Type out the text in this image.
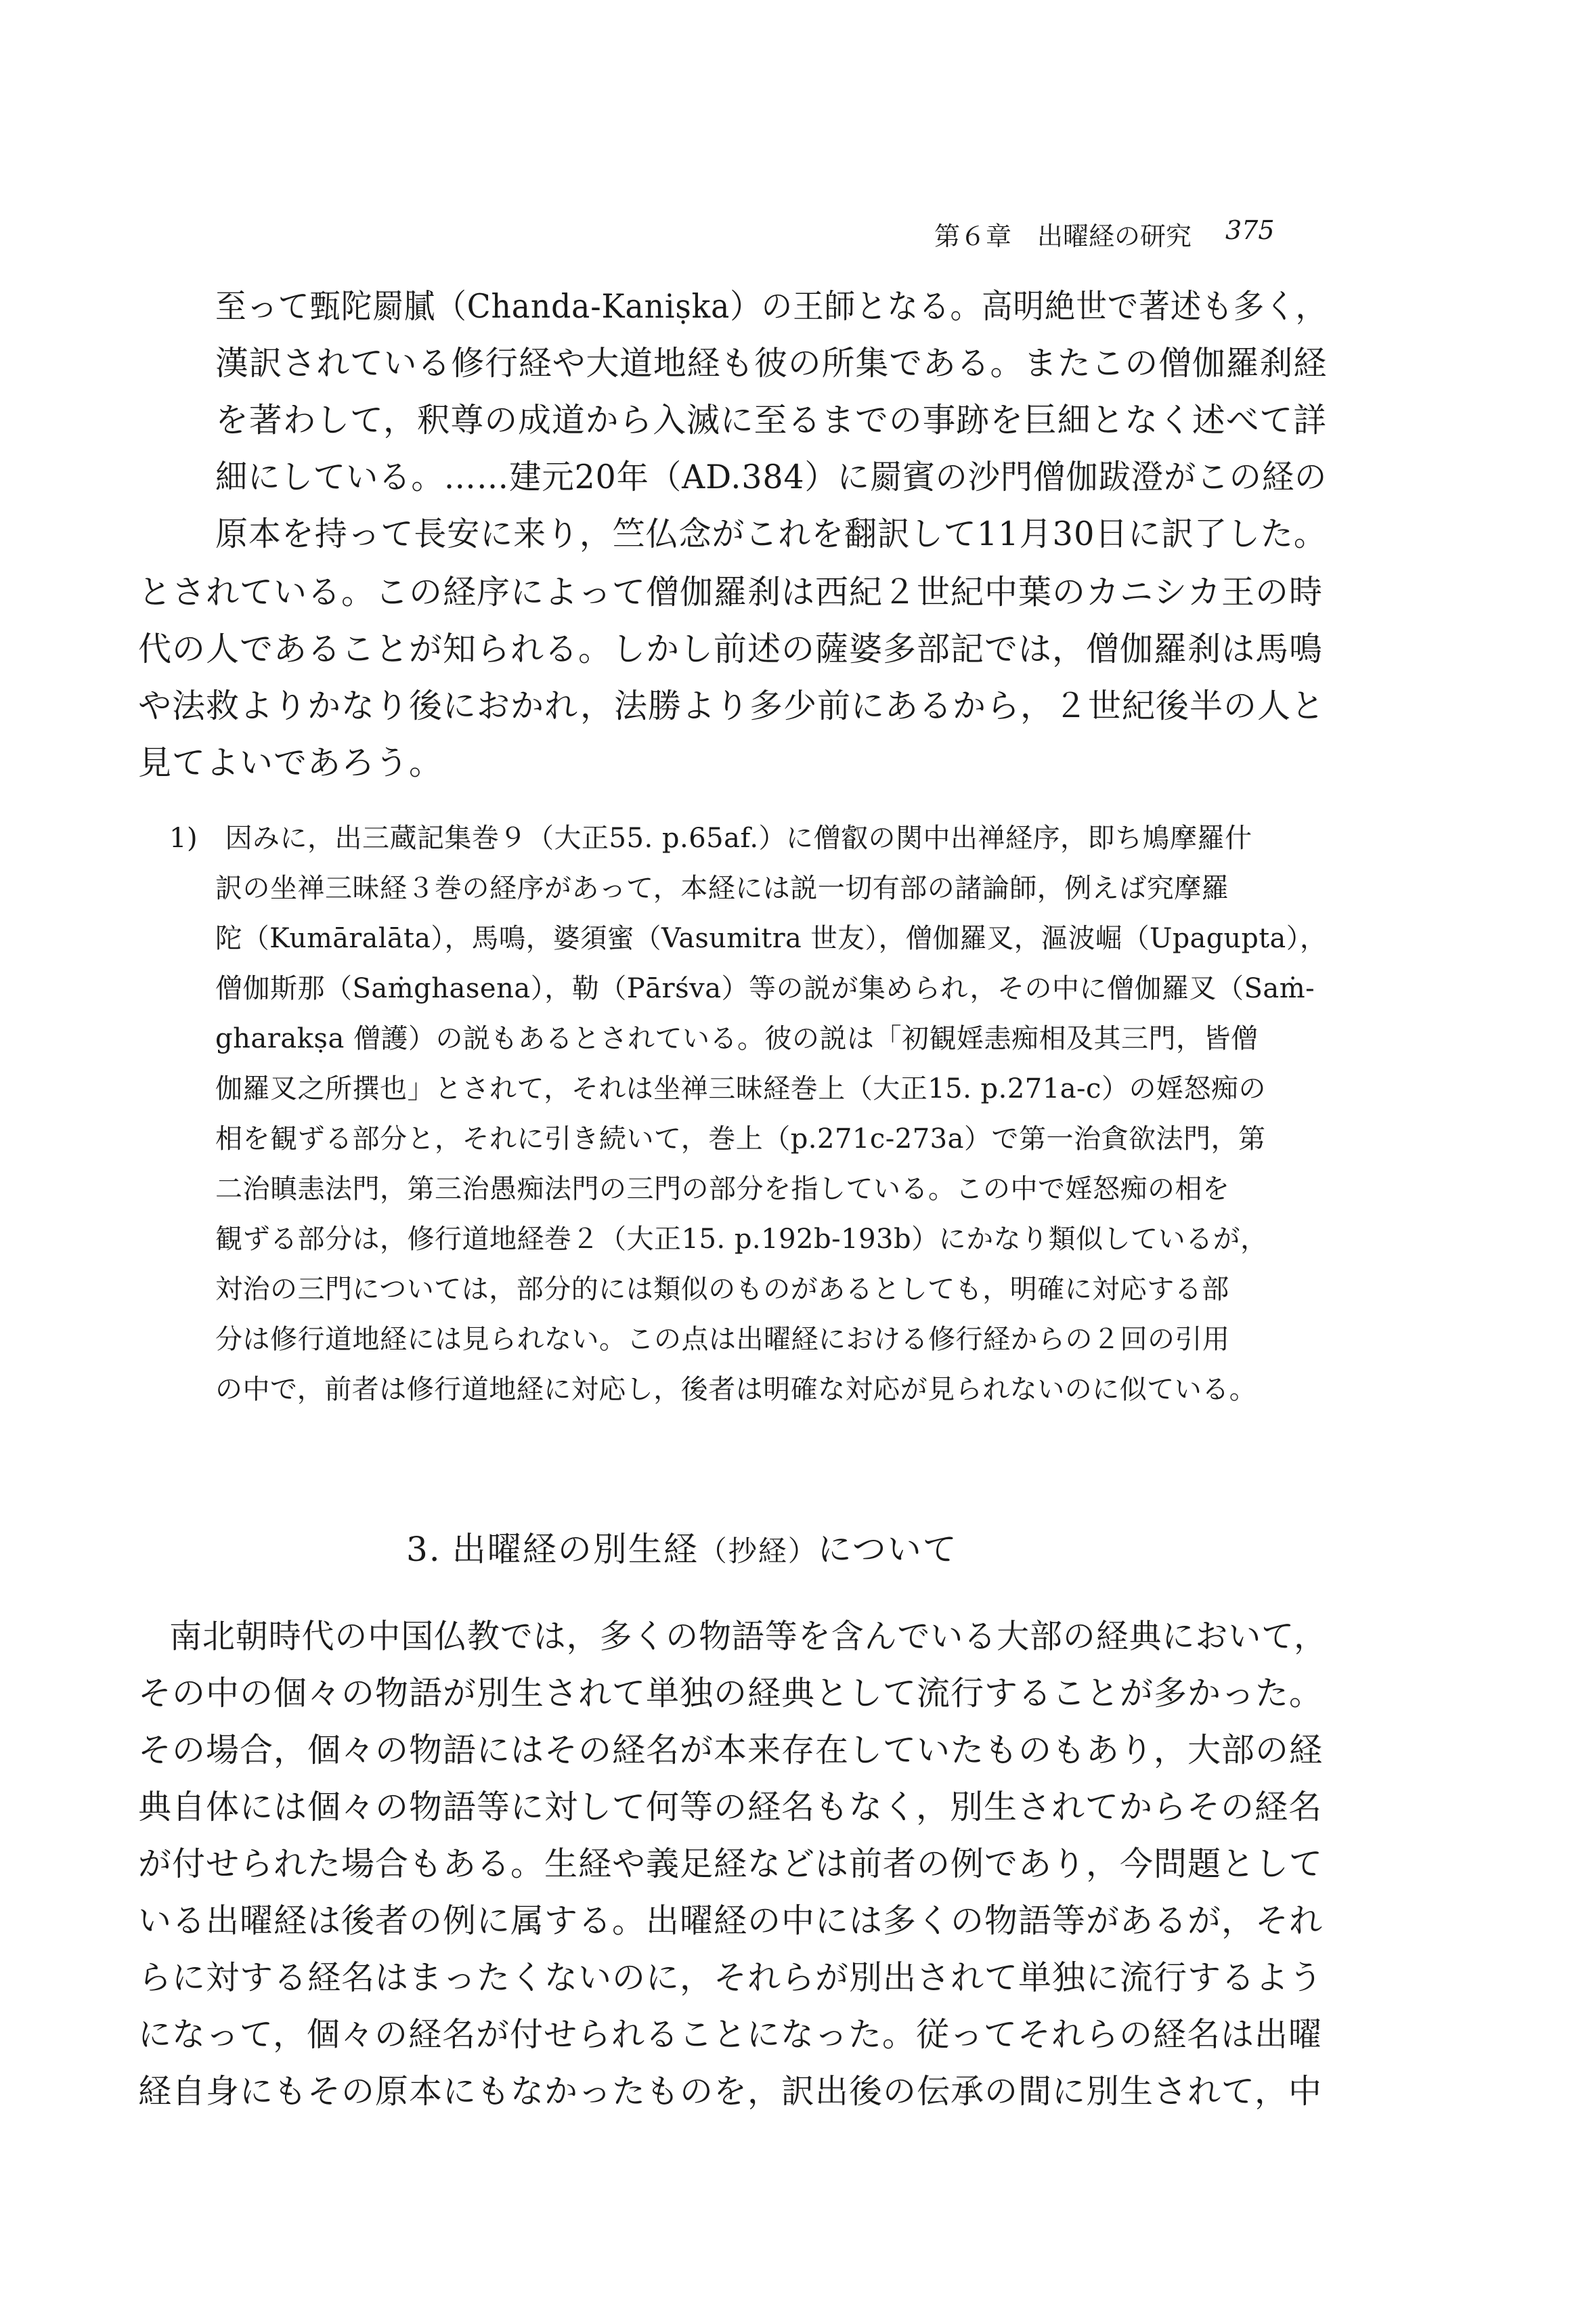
第６章　出曜経の研究 375
至って甄陀罽膩（Chanda-Kaniṣka）の王師となる。高明絶世で著述も多く，
漢訳されている修行経や大道地経も彼の所集である。またこの僧伽羅刹経
を著わして，釈尊の成道から入滅に至るまでの事跡を巨細となく述べて詳
細にしている。……建元20年（AD.384）に罽賓の沙門僧伽跋澄がこの経の
原本を持って長安に来り，竺仏念がこれを翻訳して11月30日に訳了した。
とされている。この経序によって僧伽羅刹は西紀２世紀中葉のカニシカ王の時
代の人であることが知られる。しかし前述の薩婆多部記では，僧伽羅刹は馬鳴
や法救よりかなり後におかれ，法勝より多少前にあるから，２世紀後半の人と
見てよいであろう。
1)　因みに，出三蔵記集巻９（大正55. p.65af.）に僧叡の関中出禅経序，即ち鳩摩羅什
訳の坐禅三昧経３巻の経序があって，本経には説一切有部の諸論師，例えば究摩羅
陀（Kumāralāta），馬鳴，婆須蜜（Vasumitra 世友），僧伽羅叉，漚波崛（Upagupta），
僧伽斯那（Saṁghasena），勒（Pārśva）等の説が集められ，その中に僧伽羅叉（Saṁ-
gharakṣa 僧護）の説もあるとされている。彼の説は「初観婬恚痴相及其三門，皆僧
伽羅叉之所撰也」とされて，それは坐禅三昧経巻上（大正15. p.271a-c）の婬怒痴の
相を観ずる部分と，それに引き続いて，巻上（p.271c-273a）で第一治貪欲法門，第
二治瞋恚法門，第三治愚痴法門の三門の部分を指している。この中で婬怒痴の相を
観ずる部分は，修行道地経巻２（大正15. p.192b-193b）にかなり類似しているが，
対治の三門については，部分的には類似のものがあるとしても，明確に対応する部
分は修行道地経には見られない。この点は出曜経における修行経からの２回の引用
の中で，前者は修行道地経に対応し，後者は明確な対応が見られないのに似ている。
3. 出曜経の別生経（抄経）について
南北朝時代の中国仏教では，多くの物語等を含んでいる大部の経典において，
その中の個々の物語が別生されて単独の経典として流行することが多かった。
その場合，個々の物語にはその経名が本来存在していたものもあり，大部の経
典自体には個々の物語等に対して何等の経名もなく，別生されてからその経名
が付せられた場合もある。生経や義足経などは前者の例であり，今問題として
いる出曜経は後者の例に属する。出曜経の中には多くの物語等があるが，それ
らに対する経名はまったくないのに，それらが別出されて単独に流行するよう
になって，個々の経名が付せられることになった。従ってそれらの経名は出曜
経自身にもその原本にもなかったものを，訳出後の伝承の間に別生されて，中
